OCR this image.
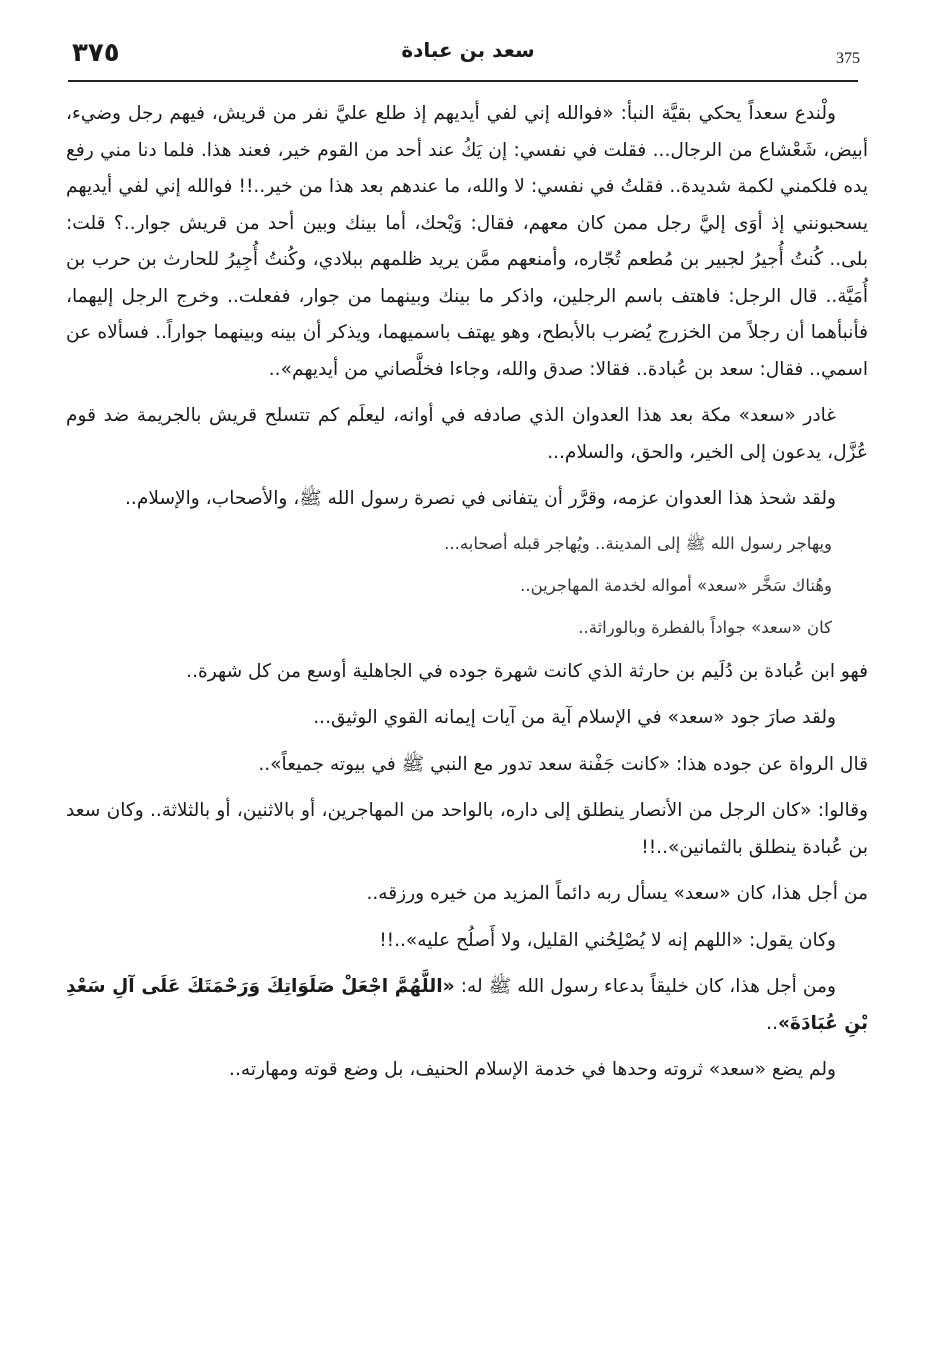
٣٧٥	سعد بن عبادة	375

ولْندع سعداً يحكي بقيَّة النبأ: «فوالله إني لفي أيديهم إذ طلع عليَّ نفر من قريش، فيهم رجل وضيء، أبيض، شَعْشاع من الرجال... فقلت في نفسي: إن يَكُ عند أحد من القوم خير، فعند هذا. فلما دنا مني رفع يده فلكمني لكمة شديدة.. فقلتُ في نفسي: لا والله، ما عندهم بعد هذا من خير..!! فوالله إني لفي أيديهم يسحبونني إذ أوَى إليَّ رجل ممن كان معهم، فقال: وَيْحك، أما بينك وبين أحد من قريش جوار..؟ قلت: بلى.. كُنتُ أُجيرُ لجبير بن مُطعم تُجّاره، وأمنعهم ممَّن يريد ظلمهم ببلادي، وكُنتُ أُجِيرُ للحارث بن حرب بن أُمَيَّة.. قال الرجل: فاهتف باسم الرجلين، واذكر ما بينك وبينهما من جوار، ففعلت.. وخرج الرجل إليهما، فأنبأهما أن رجلاً من الخزرج يُضرب بالأبطح، وهو يهتف باسميهما، ويذكر أن بينه وبينهما جواراً.. فسألاه عن اسمي.. فقال: سعد بن عُبادة.. فقالا: صدق والله، وجاءا فخلَّصاني من أيديهم»..

غادر «سعد» مكة بعد هذا العدوان الذي صادفه في أوانه، ليعلَم كم تتسلح قريش بالجريمة ضد قوم عُزَّل، يدعون إلى الخير، والحق، والسلام...

ولقد شحذ هذا العدوان عزمه، وقرَّر أن يتفانى في نصرة رسول الله ﷺ، والأصحاب، والإسلام..

ويهاجر رسول الله ﷺ إلى المدينة.. ويُهاجر قبله أصحابه...

وهُناك سَخَّر «سعد» أمواله لخدمة المهاجرين..

كان «سعد» جواداً بالفطرة وبالوراثة..

فهو ابن عُبادة بن دُلَيم بن حارثة الذي كانت شهرة جوده في الجاهلية أوسع من كل شهرة..

ولقد صارَ جود «سعد» في الإسلام آية من آيات إيمانه القوي الوثيق...

قال الرواة عن جوده هذا: «كانت جَفْنة سعد تدور مع النبي ﷺ في بيوته جميعاً»..

وقالوا: «كان الرجل من الأنصار ينطلق إلى داره، بالواحد من المهاجرين، أو بالاثنين، أو بالثلاثة.. وكان سعد بن عُبادة ينطلق بالثمانين»..!!

من أجل هذا، كان «سعد» يسأل ربه دائماً المزيد من خيره ورزقه..

وكان يقول: «اللهم إنه لا يُصْلِحُني القليل، ولا أَصلُح عليه»..!!

ومن أجل هذا، كان خليقاً بدعاء رسول الله ﷺ له: «اللَّهُمَّ اجْعَلْ صَلَوَاتِكَ وَرَحْمَتَكَ عَلَى آلِ سَعْدِ بْنِ عُبَادَةَ»..

ولم يضع «سعد» ثروته وحدها في خدمة الإسلام الحنيف، بل وضع قوته ومهارته..
